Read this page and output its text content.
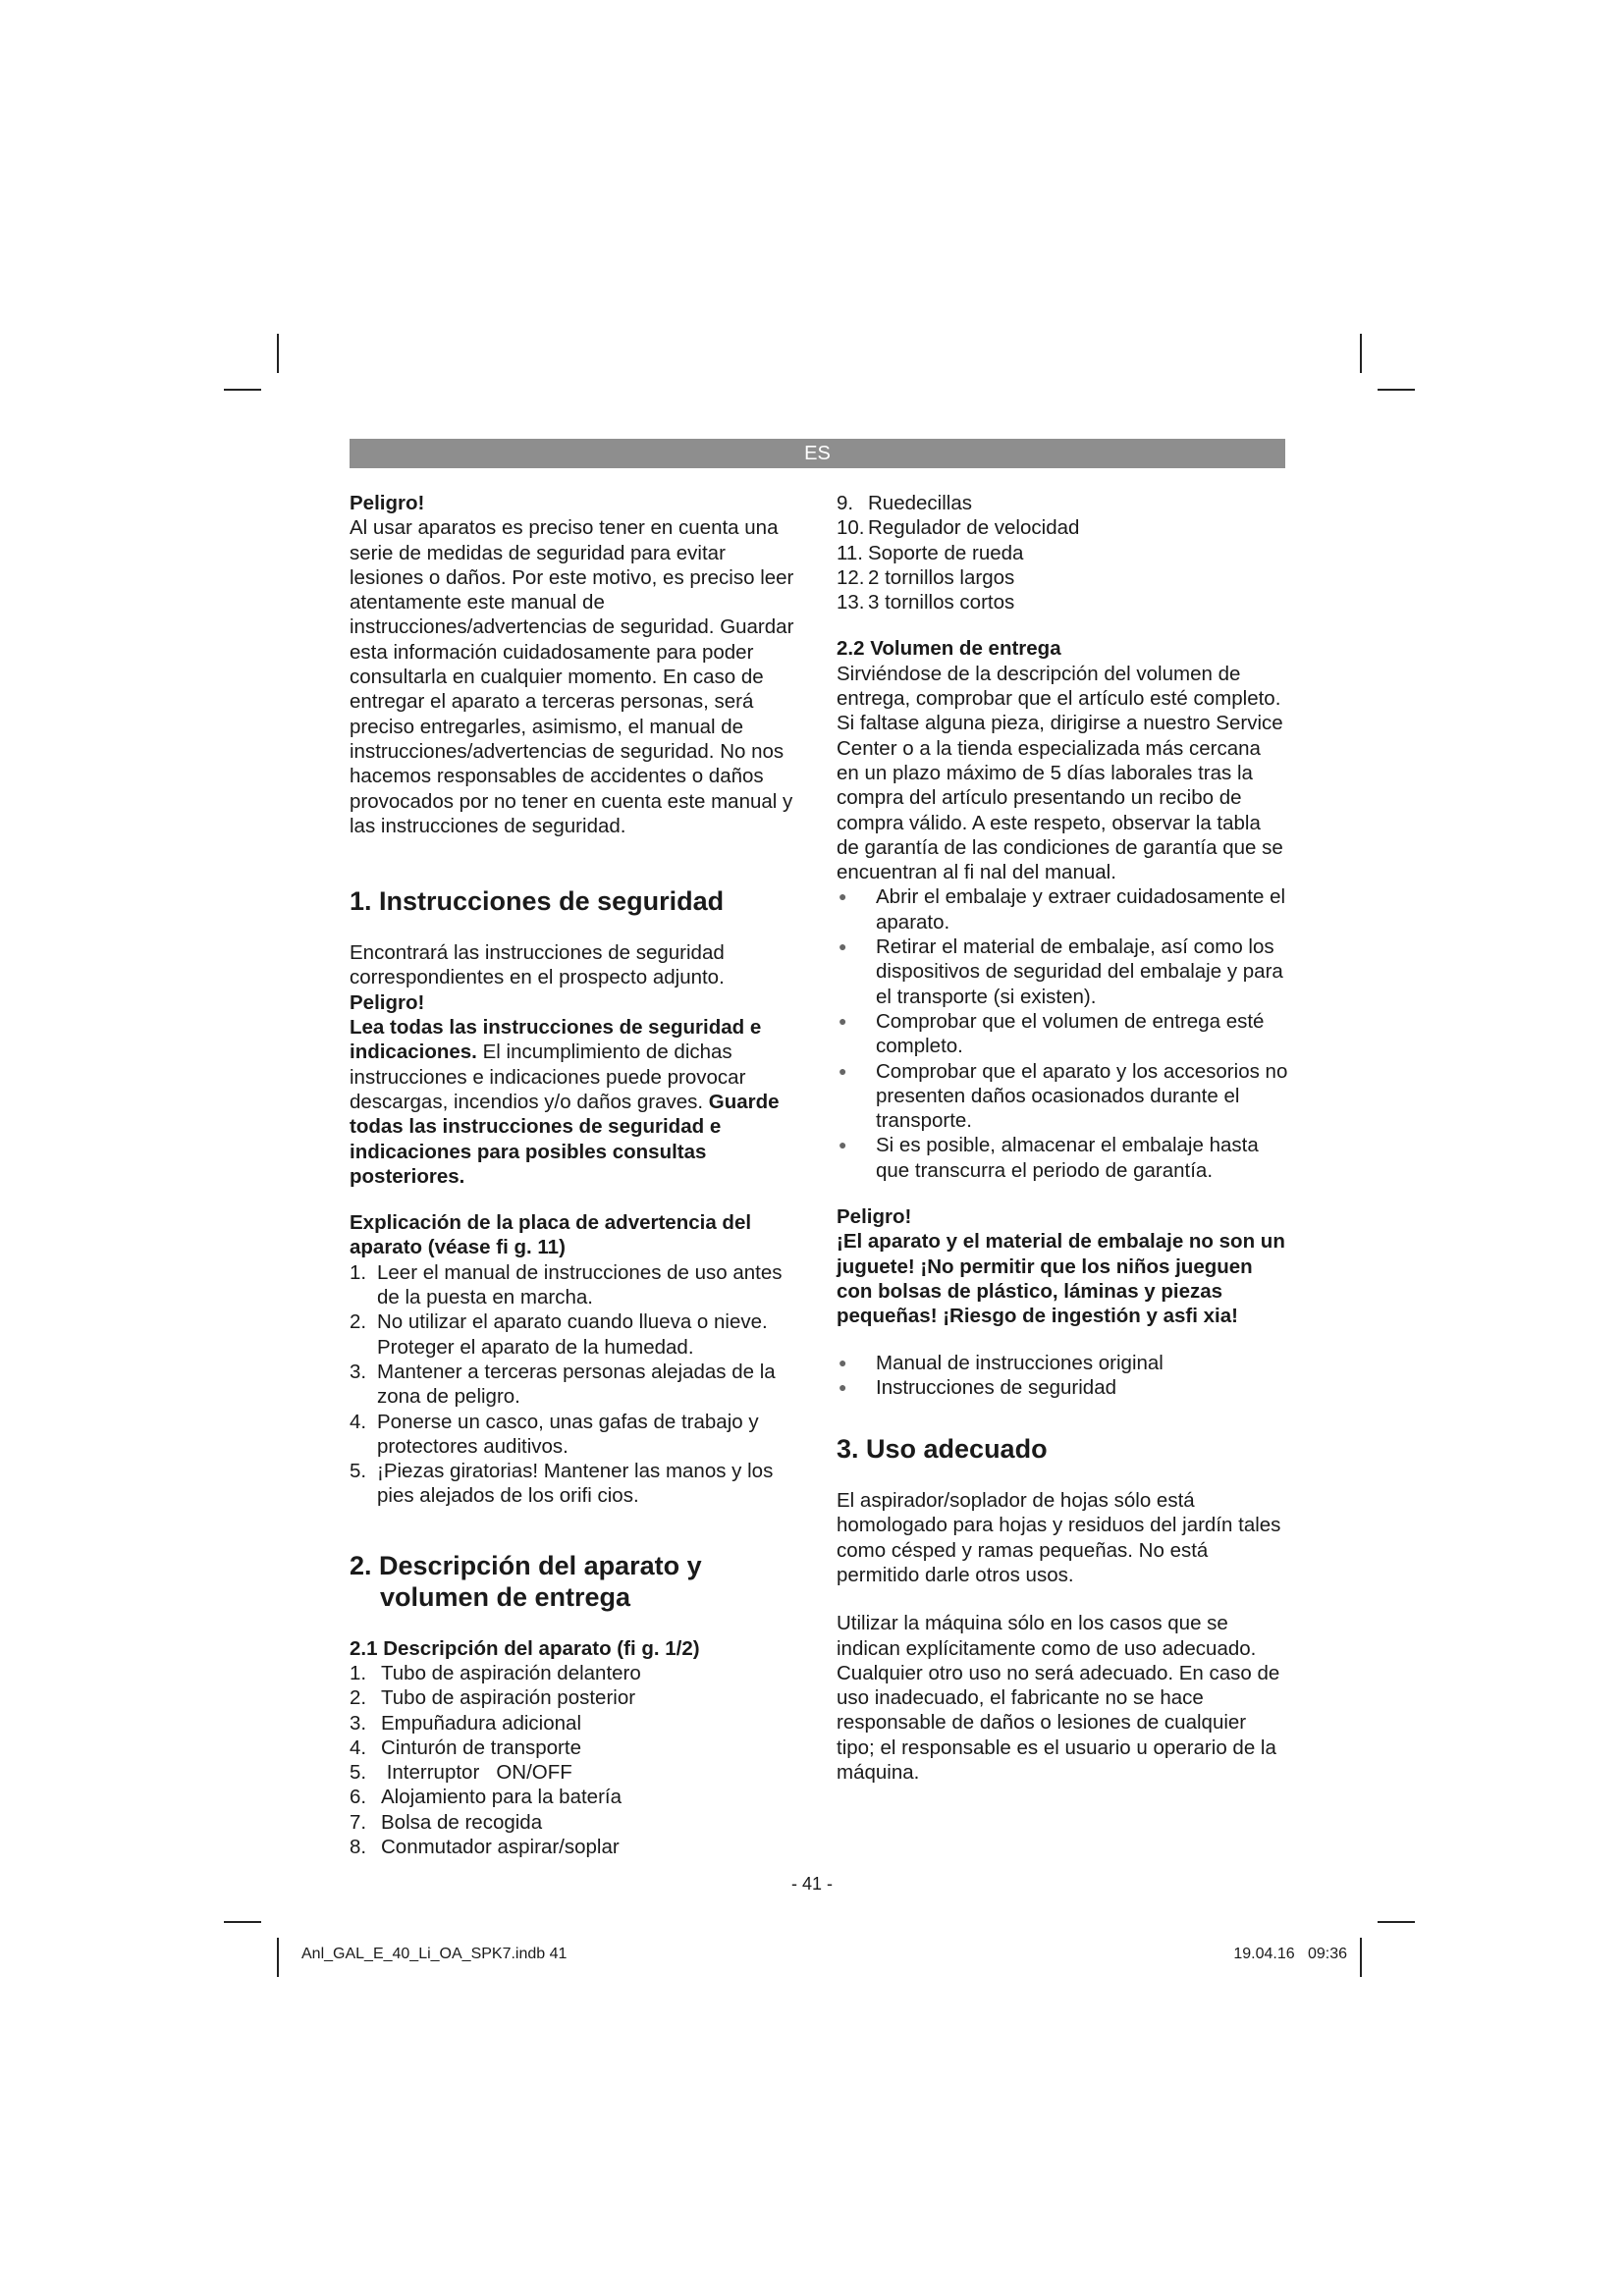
ES

Peligro!

Al usar aparatos es preciso tener en cuenta una serie de medidas de seguridad para evitar lesiones o daños. Por este motivo, es preciso leer atentamente este manual de instrucciones/advertencias de seguridad. Guardar esta información cuidadosamente para poder consultarla en cualquier momento. En caso de entregar el aparato a terceras personas, será preciso entregarles, asimismo, el manual de instrucciones/advertencias de seguridad. No nos hacemos responsables de accidentes o daños provocados por no tener en cuenta este manual y las instrucciones de seguridad.

1. Instrucciones de seguridad

Encontrará las instrucciones de seguridad correspondientes en el prospecto adjunto.

Peligro!

Lea todas las instrucciones de seguridad e indicaciones. El incumplimiento de dichas instrucciones e indicaciones puede provocar descargas, incendios y/o daños graves. Guarde todas las instrucciones de seguridad e indicaciones para posibles consultas posteriores.

Explicación de la placa de advertencia del aparato (véase fi g. 11)

1. Leer el manual de instrucciones de uso antes de la puesta en marcha.
2. No utilizar el aparato cuando llueva o nieve. Proteger el aparato de la humedad.
3. Mantener a terceras personas alejadas de la zona de peligro.
4. Ponerse un casco, unas gafas de trabajo y protectores auditivos.
5. ¡Piezas giratorias! Mantener las manos y los pies alejados de los orifi cios.
2. Descripción del aparato y volumen de entrega

2.1 Descripción del aparato (fi g. 1/2)

1. Tubo de aspiración delantero
2. Tubo de aspiración posterior
3. Empuñadura adicional
4. Cinturón de transporte
5. Interruptor   ON/OFF
6. Alojamiento para la batería
7. Bolsa de recogida
8. Conmutador aspirar/soplar
9. Ruedecillas
10. Regulador de velocidad
11. Soporte de rueda
12. 2 tornillos largos
13. 3 tornillos cortos

2.2 Volumen de entrega

Sirviéndose de la descripción del volumen de entrega, comprobar que el artículo esté completo. Si faltase alguna pieza, dirigirse a nuestro Service Center o a la tienda especializada más cercana en un plazo máximo de 5 días laborales tras la compra del artículo presentando un recibo de compra válido. A este respeto, observar la tabla de garantía de las condiciones de garantía que se encuentran al fi nal del manual.

● Abrir el embalaje y extraer cuidadosamente el aparato.
● Retirar el material de embalaje, así como los dispositivos de seguridad del embalaje y para el transporte (si existen).
● Comprobar que el volumen de entrega esté completo.
● Comprobar que el aparato y los accesorios no presenten daños ocasionados durante el transporte.
● Si es posible, almacenar el embalaje hasta que transcurra el periodo de garantía.

Peligro!

¡El aparato y el material de embalaje no son un juguete! ¡No permitir que los niños jueguen con bolsas de plástico, láminas y piezas pequeñas! ¡Riesgo de ingestión y asfi xia!

● Manual de instrucciones original
● Instrucciones de seguridad
3. Uso adecuado

El aspirador/soplador de hojas sólo está homologado para hojas y residuos del jardín tales como césped y ramas pequeñas. No está permitido darle otros usos.

Utilizar la máquina sólo en los casos que se indican explícitamente como de uso adecuado. Cualquier otro uso no será adecuado. En caso de uso inadecuado, el fabricante no se hace responsable de daños o lesiones de cualquier tipo; el responsable es el usuario u operario de la máquina.

- 41 -
Anl_GAL_E_40_Li_OA_SPK7.indb 41	19.04.16   09:36
